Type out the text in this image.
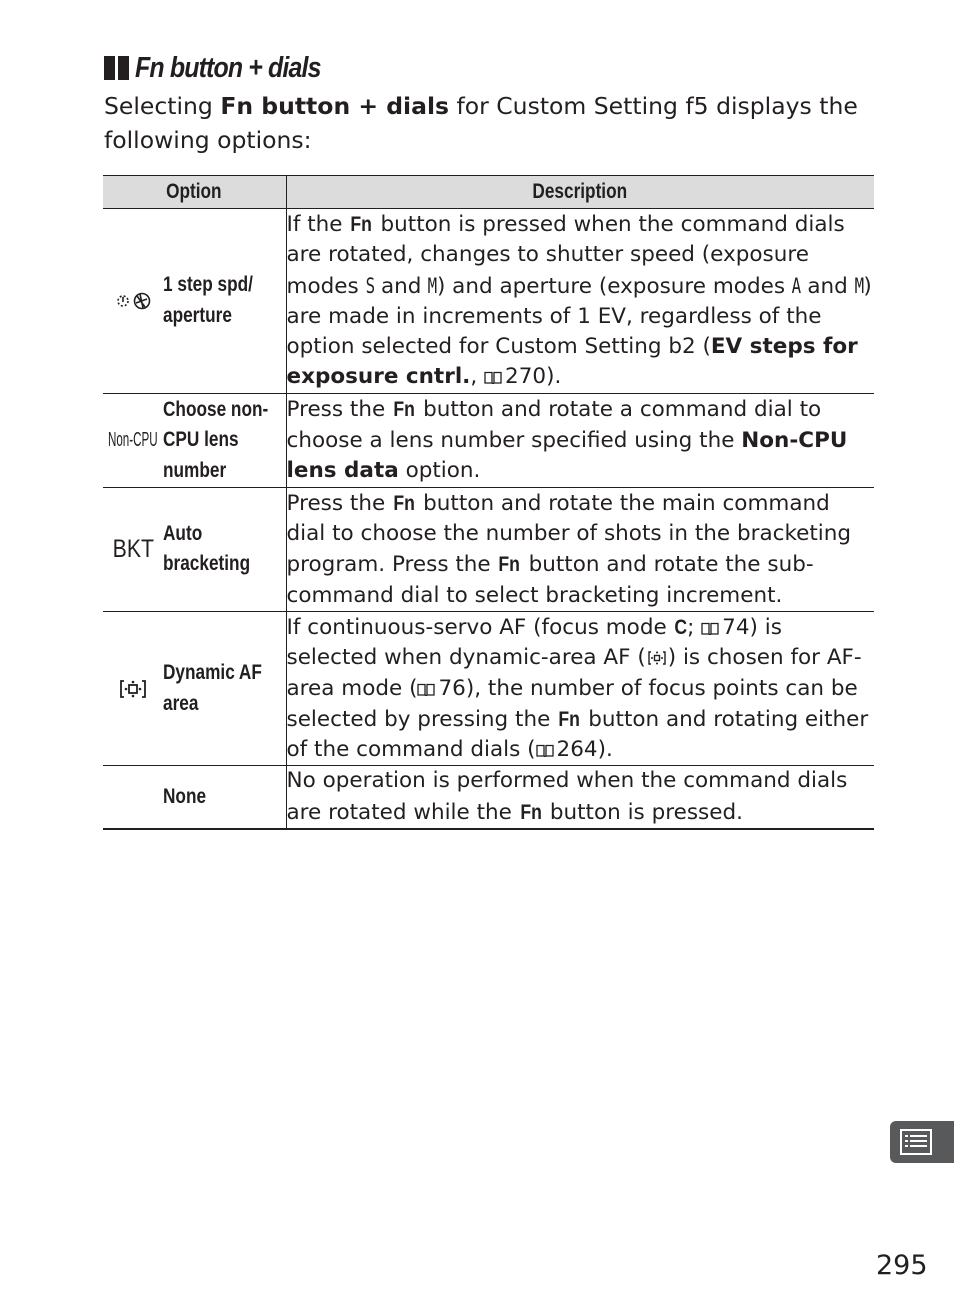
Fn button + dials

Selecting Fn button + dials for Custom Setting f5 displays the following options:

Option	Description

1 step spd/ aperture	If the Fn button is pressed when the command dials are rotated, changes to shutter speed (exposure modes S and M) and aperture (exposure modes A and M) are made in increments of 1 EV, regardless of the option selected for Custom Setting b2 (EV steps for exposure cntrl.,
270).

Non-CPU
Choose non-CPU lens number	Press the Fn button and rotate a command dial to choose a lens number specified using the Non-CPU lens data option.

BKT
Auto bracketing	Press the Fn button and rotate the main command dial to choose the number of shots in the bracketing program. Press the Fn button and rotate the sub-command dial to select bracketing increment.

Dynamic AF area	If continuous-servo AF (focus mode C;
74) is selected when dynamic-area AF ( ) is chosen for AF-area mode ( 76), the number of focus points can be selected by pressing the Fn button and rotating either of the command dials ( 264).

None	No operation is performed when the command dials are rotated while the Fn button is pressed.
295
